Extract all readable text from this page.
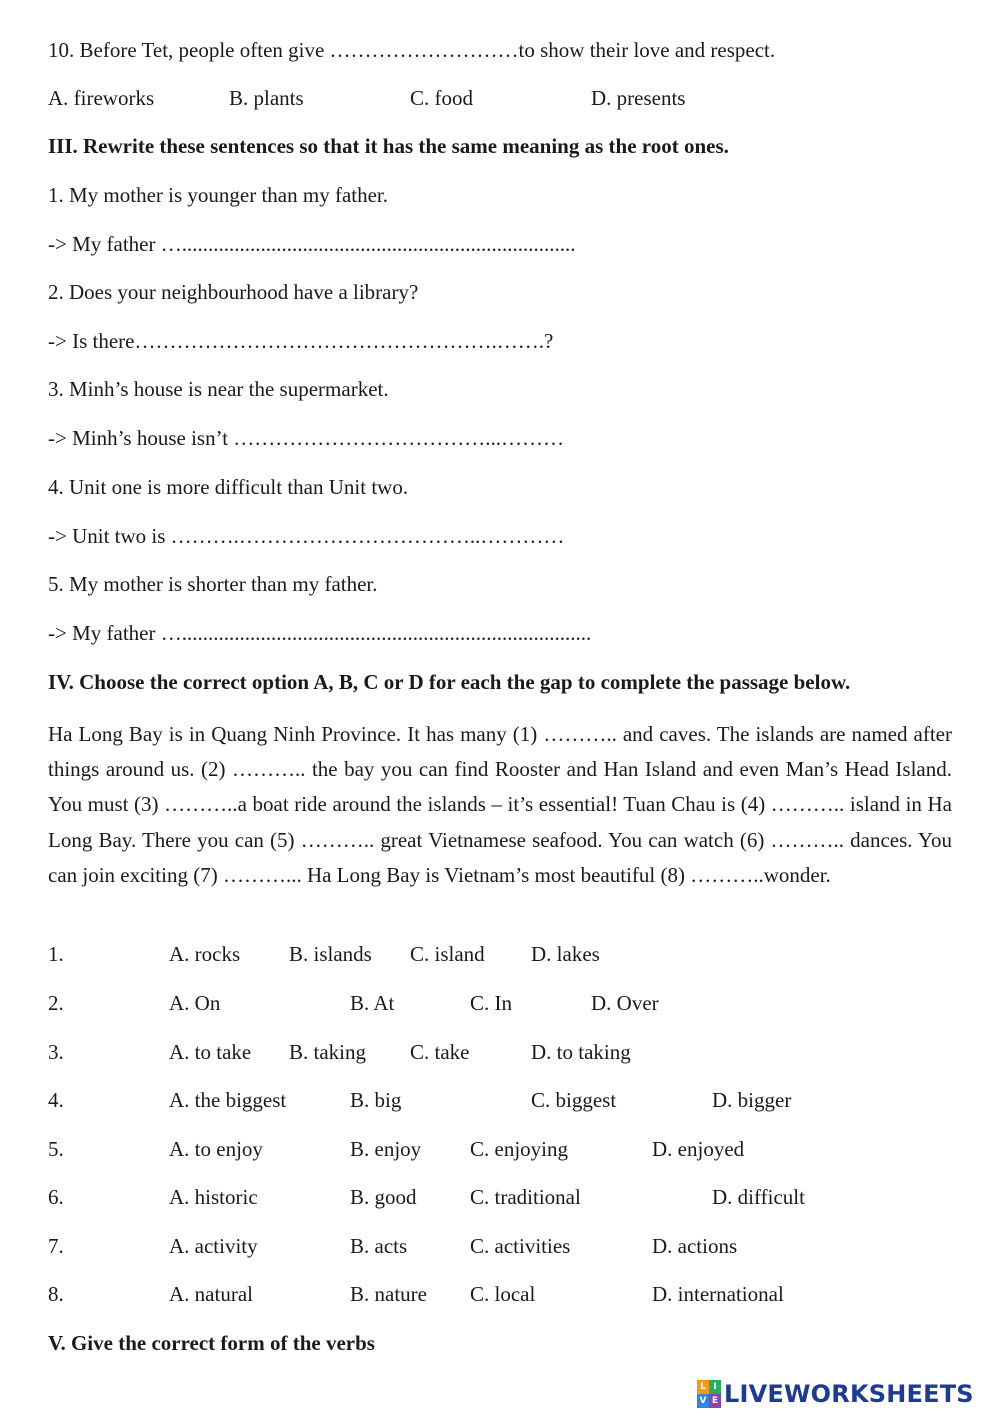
10. Before Tet, people often give ………………………to show their love and respect.
A. fireworks	B. plants	C. food	D. presents
III. Rewrite these sentences so that it has the same meaning as the root ones.
1. My mother is younger than my father.
-> My father …...........................................................................
2. Does your neighbourhood have a library?
-> Is there…………………………………………….…….?
3. Minh’s house is near the supermarket.
-> Minh’s house isn’t ………………………………...………
4. Unit one is more difficult than Unit two.
-> Unit two is ……….……………………………..…………
5. My mother is shorter than my father.
-> My father …..............................................................................
IV. Choose the correct option A, B, C or D for each the gap to complete the passage below.
Ha Long Bay is in Quang Ninh Province. It has many (1) ……….. and caves. The islands are named after things around us. (2) ……….. the bay you can find Rooster and Han Island and even Man’s Head Island. You must (3) ………..a boat ride around the islands – it’s essential! Tuan Chau is (4) ……….. island in Ha Long Bay. There you can (5) ……….. great Vietnamese seafood. You can watch (6) ……….. dances. You can join exciting (7) ………... Ha Long Bay is Vietnam’s most beautiful (8) ………..wonder.
1.	A. rocks B. islands C. island D. lakes
2.	A. On	B. At	C. In	D. Over
3.	A. to take B. taking C. take	D. to taking
4.	A. the biggest	B. big	C. biggest	D. bigger
5.	A. to enjoy	B. enjoy C. enjoying	D. enjoyed
6.	A. historic	B. good	C. traditional	D. difficult
7.	A. activity	B. acts	C. activities	D. actions
8.	A. natural	B. nature C. local	D. international
V. Give the correct form of the verbs
L I
V E LIVEWORKSHEETS
